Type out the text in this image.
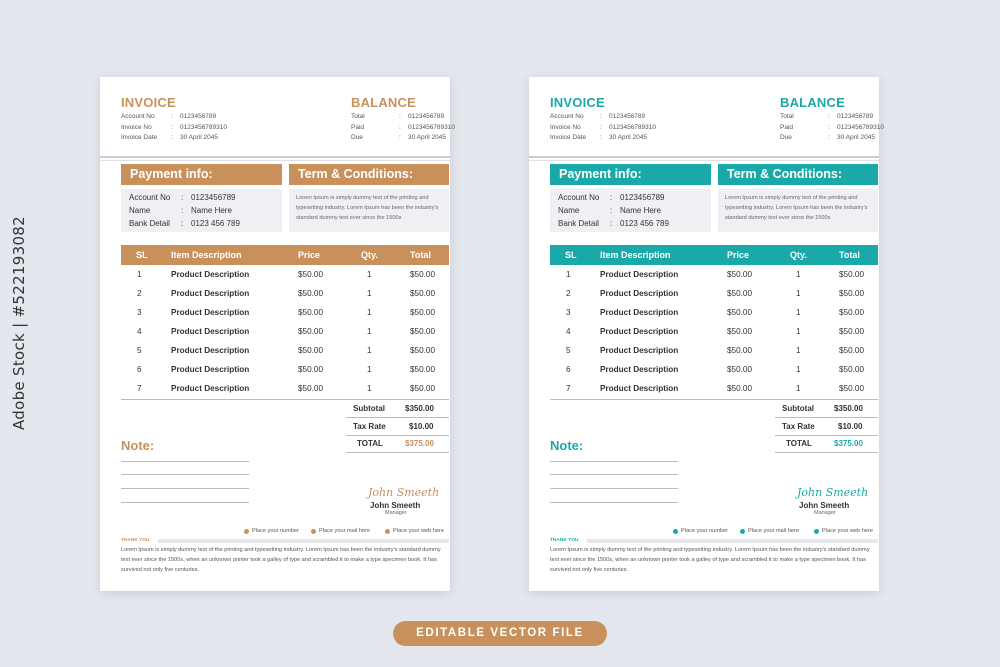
Adobe Stock | #522193082
INVOICE
Account No	:	0123456789
Invoice No	:	0123456789310
Invoice Date	:	30 April 2045
BALANCE
Total	:	0123456789
Paid	:	0123456789310
Due	:	30 April 2045
Payment info:
Account No	: 0123456789
Name	: Name Here
Bank Detail	: 0123 456 789
Term & Conditions:
Lorem Ipsum is simply dummy text of the printing and typesetting industry. Lorem Ipsum has been the industry's standard dummy text ever since the 1500s
SL	Item Description	Price	Qty.	Total
1	Product Description	$50.00	1	$50.00
2	Product Description	$50.00	1	$50.00
3	Product Description	$50.00	1	$50.00
4	Product Description	$50.00	1	$50.00
5	Product Description	$50.00	1	$50.00
6	Product Description	$50.00	1	$50.00
7	Product Description	$50.00	1	$50.00
Subtotal	$350.00
Tax Rate	$10.00
TOTAL	$375.00
Note:
John Smeeth
John Smeeth
Manager
Place your number	Place your mail here	Place your web here
THANK YOU
Lorem Ipsum is simply dummy text of the printing and typesetting industry. Lorem Ipsum has been the industry's standard dummy text ever since the 1500s, when an unknown printer took a galley of type and scrambled it to make a type specimen book. It has survived not only five centuries.
INVOICE
Account No	:	0123456789
Invoice No	:	0123456789310
Invoice Date	:	30 April 2045
BALANCE
Total	:	0123456789
Paid	:	0123456789310
Due	:	30 April 2045
Payment info:
Account No	: 0123456789
Name	: Name Here
Bank Detail	: 0123 456 789
Term & Conditions:
Lorem Ipsum is simply dummy text of the printing and typesetting industry. Lorem Ipsum has been the industry's standard dummy text ever since the 1500s
SL	Item Description	Price	Qty.	Total
1	Product Description	$50.00	1	$50.00
2	Product Description	$50.00	1	$50.00
3	Product Description	$50.00	1	$50.00
4	Product Description	$50.00	1	$50.00
5	Product Description	$50.00	1	$50.00
6	Product Description	$50.00	1	$50.00
7	Product Description	$50.00	1	$50.00
Subtotal	$350.00
Tax Rate	$10.00
TOTAL	$375.00
Note:
John Smeeth
John Smeeth
Manager
Place your number	Place your mail here	Place your web here
THANK YOU
Lorem Ipsum is simply dummy text of the printing and typesetting industry. Lorem Ipsum has been the industry's standard dummy text ever since the 1500s, when an unknown printer took a galley of type and scrambled it to make a type specimen book. It has survived not only five centuries.
EDITABLE VECTOR FILE
